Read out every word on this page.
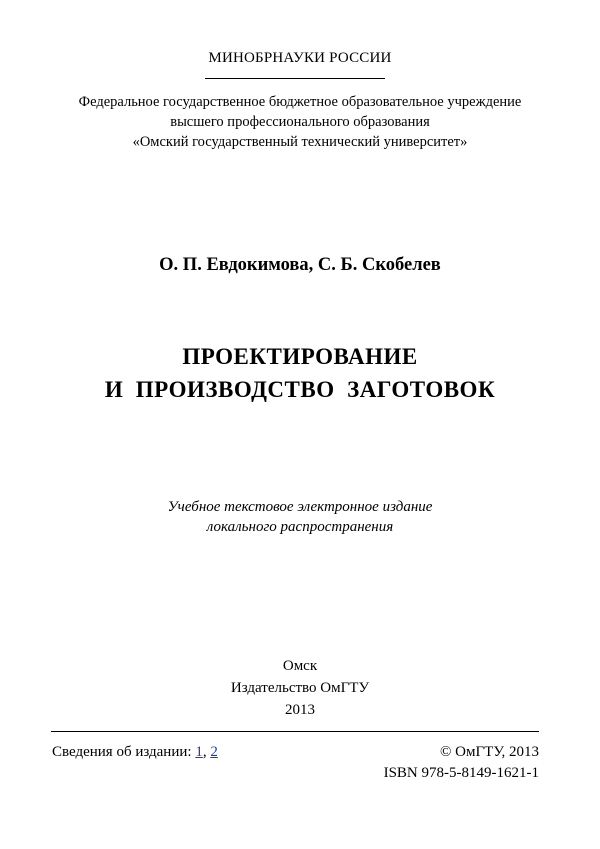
МИНОБРНАУКИ РОССИИ
Федеральное государственное бюджетное образовательное учреждение
высшего профессионального образования
«Омский государственный технический университет»
О. П. Евдокимова, С. Б. Скобелев
ПРОЕКТИРОВАНИЕ
И  ПРОИЗВОДСТВО  ЗАГОТОВОК
Учебное текстовое электронное издание
локального распространения
Омск
Издательство ОмГТУ
2013
Сведения об издании: 1, 2	© ОмГТУ, 2013
ISBN 978-5-8149-1621-1
